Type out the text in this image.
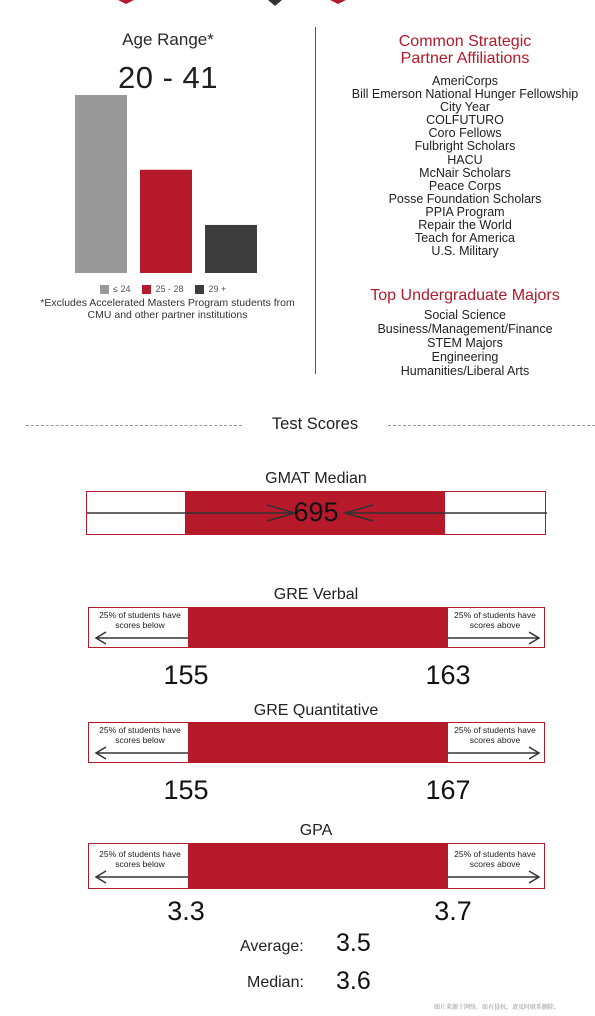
Age Range*
20 - 41
≤ 24	25 - 28	29 +
*Excludes Accelerated Masters Program students from CMU and other partner institutions
Common Strategic
Partner Affiliations
AmeriCorps
Bill Emerson National Hunger Fellowship
City Year
COLFUTURO
Coro Fellows
Fulbright Scholars
HACU
McNair Scholars
Peace Corps
Posse Foundation Scholars
PPIA Program
Repair the World
Teach for America
U.S. Military
Top Undergraduate Majors
Social Science
Business/Management/Finance
STEM Majors
Engineering
Humanities/Liberal Arts
Test Scores
GMAT Median
695
GRE Verbal
25% of students have scores below
25% of students have scores above
155	163
GRE Quantitative
25% of students have scores below
25% of students have scores above
155	167
GPA
25% of students have scores below
25% of students have scores above
3.3	3.7
Average: 3.5
Median: 3.6
图片来源于网络，如有侵权，请及时联系删除。
